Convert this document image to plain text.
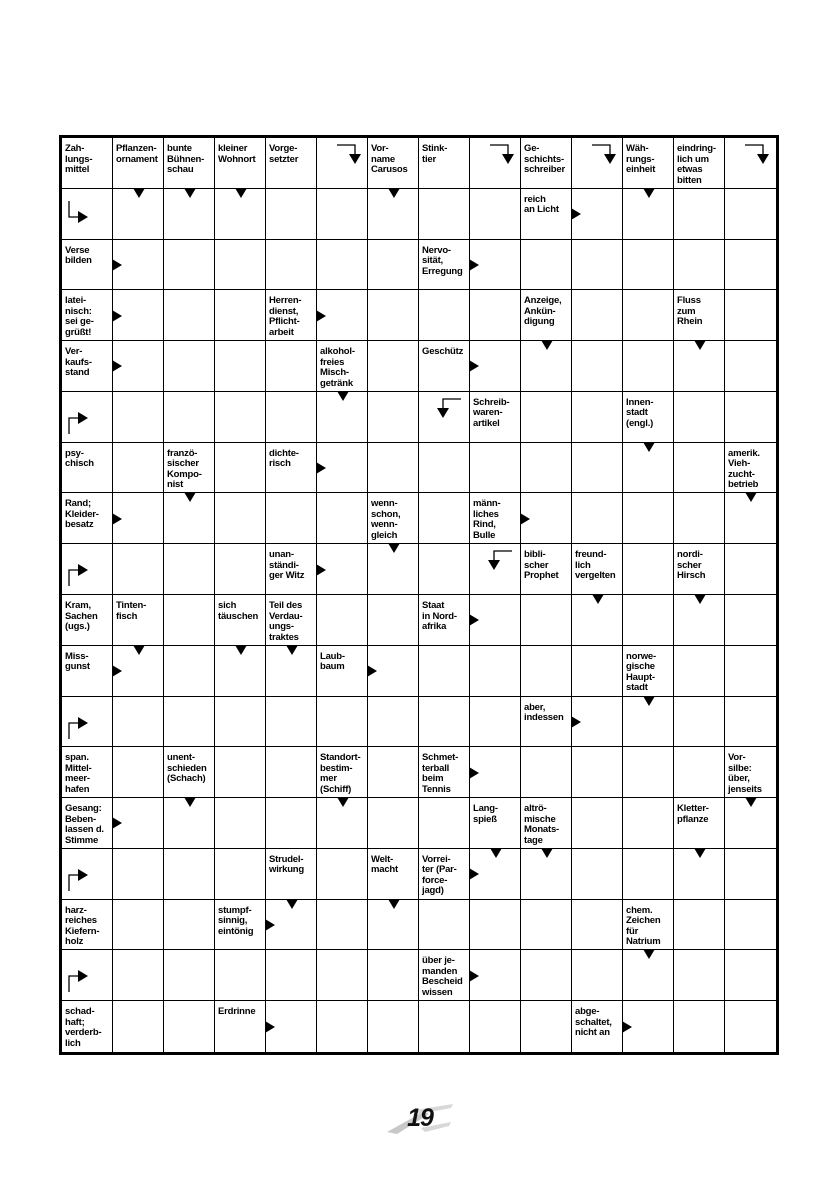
Zah-
lungs-
mittel
Pflanzen-
ornament
bunte
Bühnen-
schau
kleiner
Wohnort
Vorge-
setzter
Vor-
name
Carusos
Stink-
tier
Ge-
schichts-
schreiber
Wäh-
rungs-
einheit
eindring-
lich um
etwas
bitten
reich
an Licht
Verse
bilden
Nervo-
sität,
Erregung
latei-
nisch:
sei ge-
grüßt!
Herren-
dienst,
Pflicht-
arbeit
Anzeige,
Ankün-
digung
Fluss
zum
Rhein
Ver-
kaufs-
stand
alkohol-
freies
Misch-
getränk
Geschütz
Schreib-
waren-
artikel
Innen-
stadt
(engl.)
psy-
chisch
franzö-
sischer
Kompo-
nist
dichte-
risch
amerik.
Vieh-
zucht-
betrieb
Rand;
Kleider-
besatz
wenn-
schon,
wenn-
gleich
männ-
liches
Rind,
Bulle
unan-
ständi-
ger Witz
bibli-
scher
Prophet
freund-
lich
vergelten
nordi-
scher
Hirsch
Kram,
Sachen
(ugs.)
Tinten-
fisch
sich
täuschen
Teil des
Verdau-
ungs-
traktes
Staat
in Nord-
afrika
Miss-
gunst
Laub-
baum
norwe-
gische
Haupt-
stadt
aber,
indessen
span.
Mittel-
meer-
hafen
unent-
schieden
(Schach)
Standort-
bestim-
mer
(Schiff)
Schmet-
terball
beim
Tennis
Vor-
silbe:
über,
jenseits
Gesang:
Beben-
lassen d.
Stimme
Lang-
spieß
altrö-
mische
Monats-
tage
Kletter-
pflanze
Strudel-
wirkung
Welt-
macht
Vorrei-
ter (Par-
force-
jagd)
harz-
reiches
Kiefern-
holz
stumpf-
sinnig,
eintönig
chem.
Zeichen
für
Natrium
über je-
manden
Bescheid
wissen
schad-
haft;
verderb-
lich
Erdrinne	abge-
schaltet,
nicht an
19
